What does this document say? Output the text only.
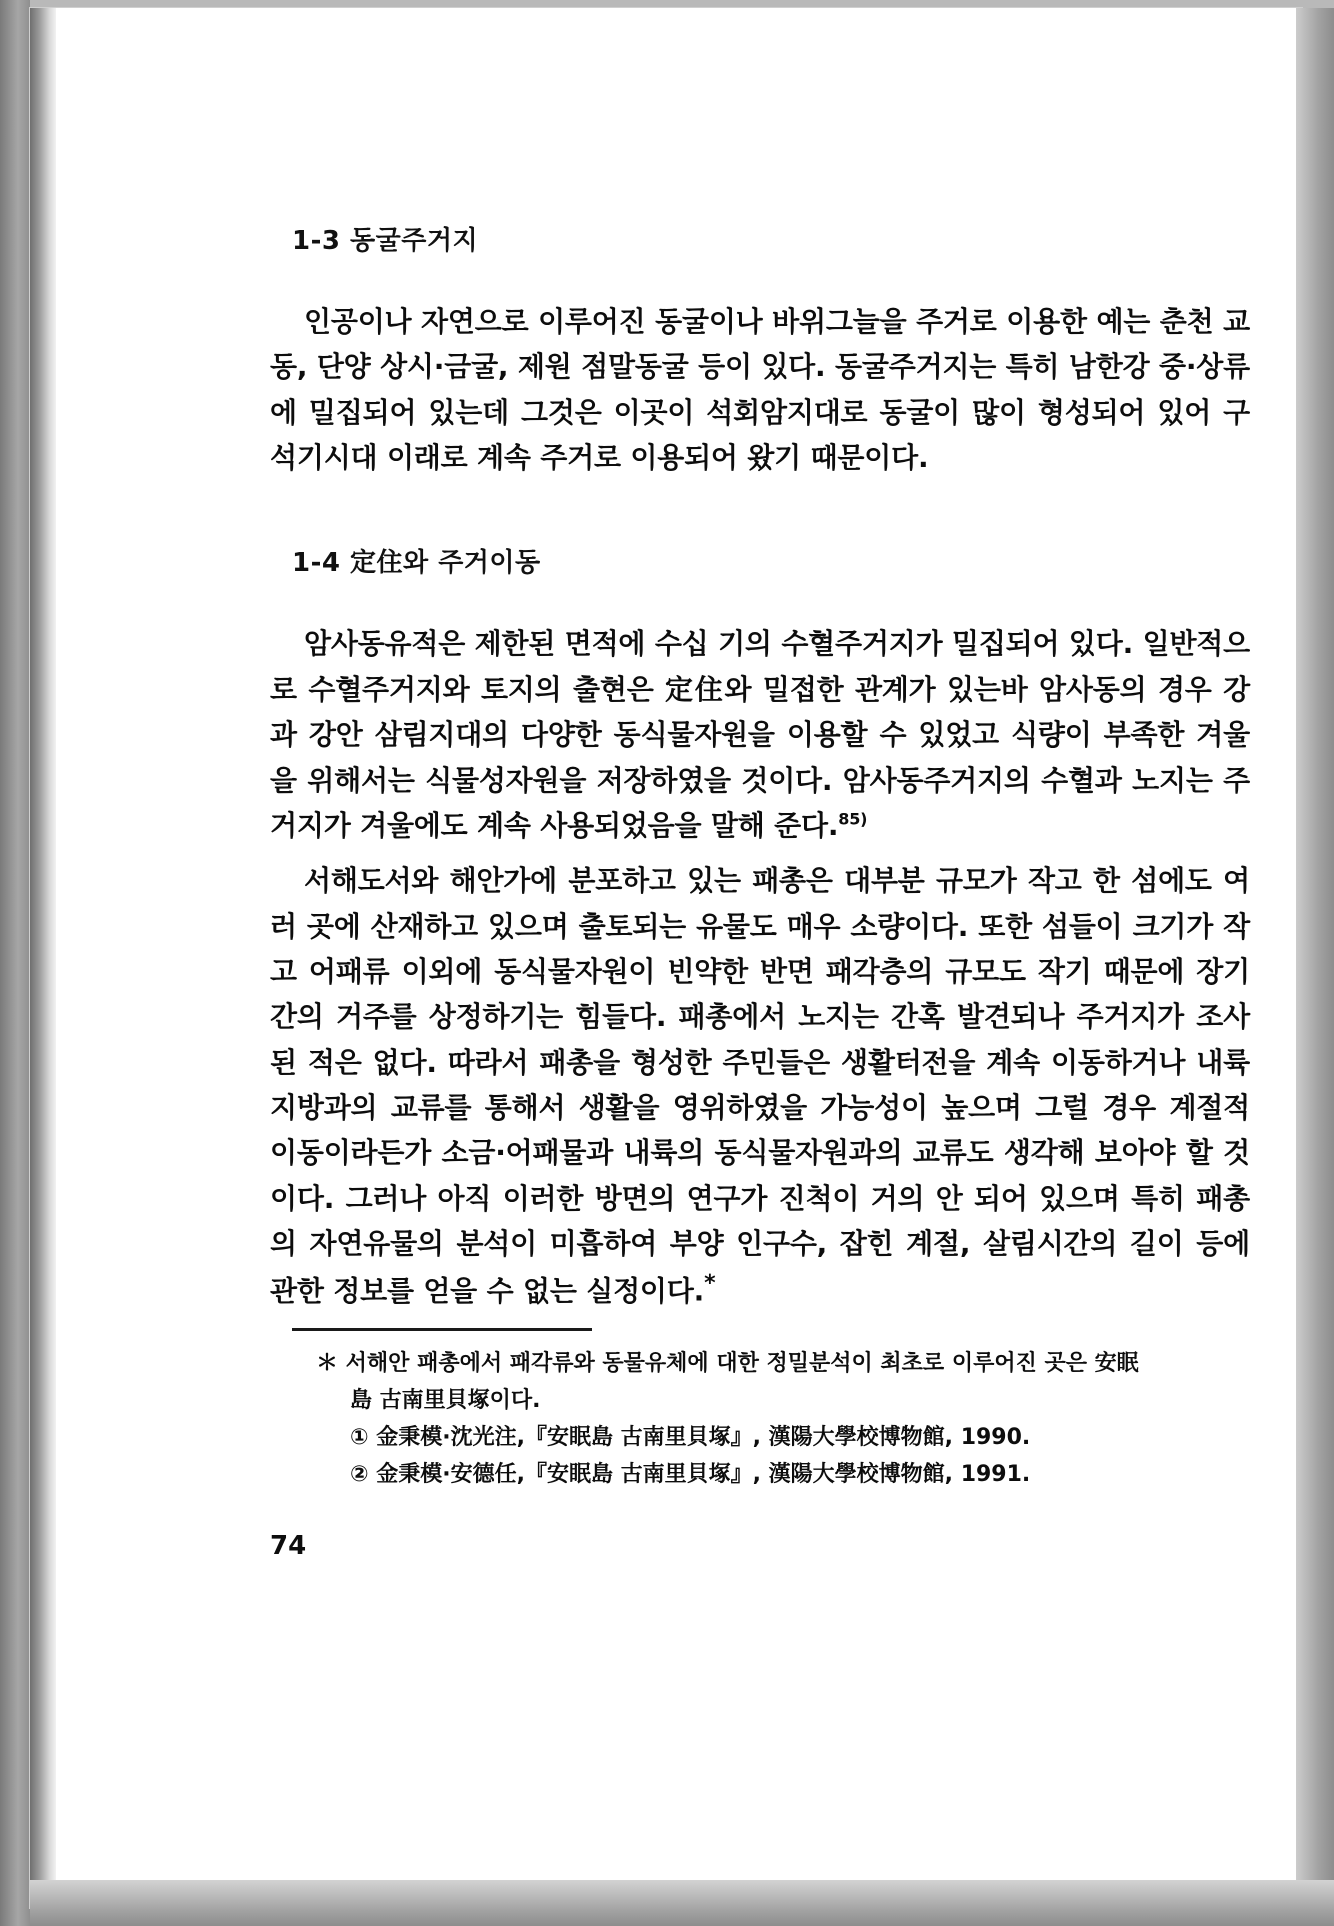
1-3 동굴주거지

인공이나 자연으로 이루어진 동굴이나 바위그늘을 주거로 이용한 예는 춘천 교동, 단양 상시·금굴, 제원 점말동굴 등이 있다. 동굴주거지는 특히 남한강 중·상류에 밀집되어 있는데 그것은 이곳이 석회암지대로 동굴이 많이 형성되어 있어 구석기시대 이래로 계속 주거로 이용되어 왔기 때문이다.

1-4 定住와 주거이동

암사동유적은 제한된 면적에 수십 기의 수혈주거지가 밀집되어 있다. 일반적으로 수혈주거지와 토지의 출현은 定住와 밀접한 관계가 있는바 암사동의 경우 강과 강안 삼림지대의 다양한 동식물자원을 이용할 수 있었고 식량이 부족한 겨울을 위해서는 식물성자원을 저장하였을 것이다. 암사동주거지의 수혈과 노지는 주거지가 겨울에도 계속 사용되었음을 말해 준다.$^{85)}$

서해도서와 해안가에 분포하고 있는 패총은 대부분 규모가 작고 한 섬에도 여러 곳에 산재하고 있으며 출토되는 유물도 매우 소량이다. 또한 섬들이 크기가 작고 어패류 이외에 동식물자원이 빈약한 반면 패각층의 규모도 작기 때문에 장기간의 거주를 상정하기는 힘들다. 패총에서 노지는 간혹 발견되나 주거지가 조사된 적은 없다. 따라서 패총을 형성한 주민들은 생활터전을 계속 이동하거나 내륙지방과의 교류를 통해서 생활을 영위하였을 가능성이 높으며 그럴 경우 계절적 이동이라든가 소금·어패물과 내륙의 동식물자원과의 교류도 생각해 보아야 할 것이다. 그러나 아직 이러한 방면의 연구가 진척이 거의 안 되어 있으며 특히 패총의 자연유물의 분석이 미흡하여 부양 인구수, 잡힌 계절, 살림시간의 길이 등에 관한 정보를 얻을 수 없는 실정이다.*

＊ 서해안 패총에서 패각류와 동물유체에 대한 정밀분석이 최초로 이루어진 곳은 安眠
島 古南里貝塚이다.
① 金秉模·沈光注,『安眠島 古南里貝塚』, 漢陽大學校博物館, 1990.
② 金秉模·安德任,『安眠島 古南里貝塚』, 漢陽大學校博物館, 1991.
74
